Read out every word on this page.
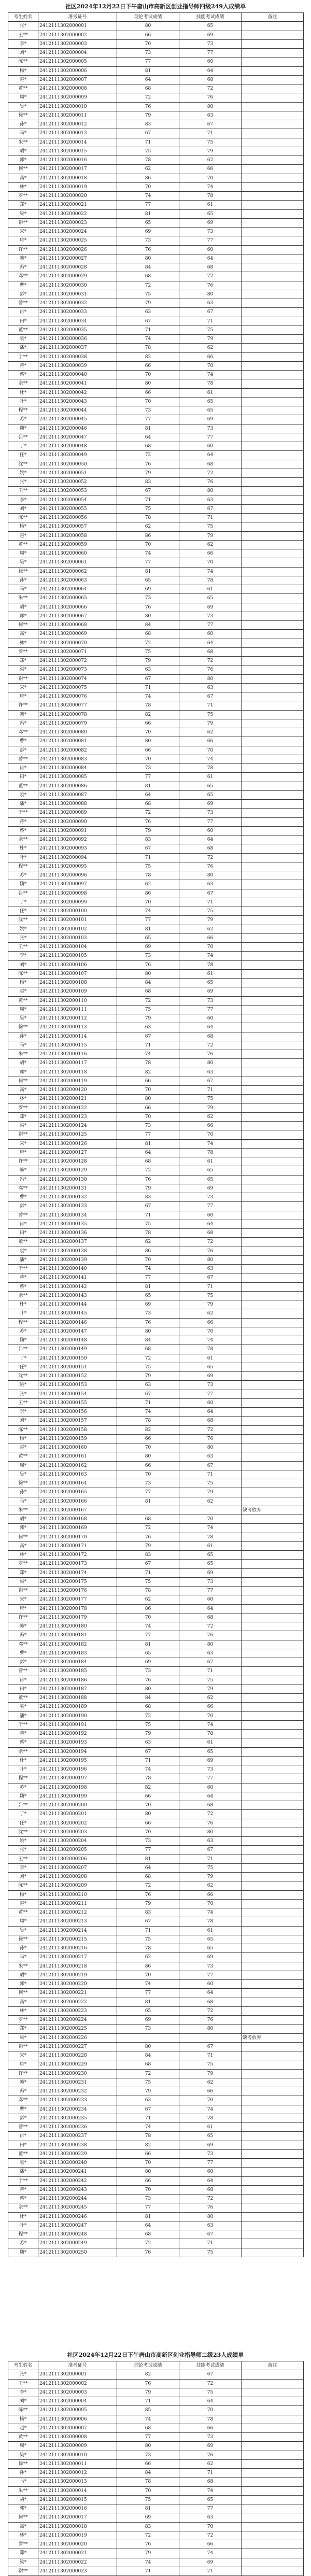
社区2024年12月22日下午唐山市高新区创业指导师四级249人成绩单
考生姓名	准考证号	理论考试成绩	技能考试成绩	备注
张*	2412111302000001	80	65	
王**	2412111302000002	66	69	
李*	2412111302000003	70	73	
刘*	2412111302000004	73	77	
陈**	2412111302000005	77	60	
杨*	2412111302000006	81	64	
赵*	2412111302000007	64	68	
黄**	2412111302000008	68	72	
周*	2412111302000009	72	76	
吴*	2412111302000010	76	80	
徐**	2412111302000011	79	63	
孙*	2412111302000012	83	67	
马*	2412111302000013	67	71	
朱**	2412111302000014	71	75	
胡*	2412111302000015	75	79	
郭*	2412111302000016	78	62	
何**	2412111302000017	62	66	
高*	2412111302000018	86	70	
林*	2412111302000019	70	74	
罗**	2412111302000020	74	78	
郑*	2412111302000021	77	61	
梁*	2412111302000022	81	65	
谢**	2412111302000023	65	69	
宋*	2412111302000024	69	73	
唐*	2412111302000025	73	77	
许**	2412111302000026	76	60	
韩*	2412111302000027	80	64	
冯*	2412111302000028	84	68	
邓**	2412111302000029	68	72	
曹*	2412111302000030	72	76	
彭*	2412111302000031	75	80	
曾**	2412111302000032	79	63	
肖*	2412111302000033	63	67	
田*	2412111302000034	67	71	
董**	2412111302000035	71	75	
袁*	2412111302000036	74	79	
潘*	2412111302000037	78	62	
于**	2412111302000038	82	66	
蒋*	2412111302000039	66	70	
蔡*	2412111302000040	70	74	
余**	2412111302000041	80	78	
杜*	2412111302000042	66	61	
叶*	2412111302000043	70	65	
程**	2412111302000044	73	65	
苏*	2412111302000045	77	69	
魏*	2412111302000046	81	73	
吕**	2412111302000047	64	77	
丁*	2412111302000048	68	60	
任*	2412111302000049	72	64	
沈**	2412111302000050	76	68	
姚*	2412111302000051	79	72	
张*	2412111302000052	83	76	
王**	2412111302000053	67	80	
李*	2412111302000054	71	63	
刘*	2412111302000055	75	67	
陈**	2412111302000056	78	71	
杨*	2412111302000057	62	75	
赵*	2412111302000058	86	79	
黄**	2412111302000059	70	62	
周*	2412111302000060	74	66	
吴*	2412111302000061	77	70	
徐**	2412111302000062	81	74	
孙*	2412111302000063	65	78	
马*	2412111302000064	69	61	
朱**	2412111302000065	73	65	
胡*	2412111302000066	76	69	
郭*	2412111302000067	80	73	
何**	2412111302000068	84	77	
高*	2412111302000069	68	60	
林*	2412111302000070	72	64	
罗**	2412111302000071	75	68	
郑*	2412111302000072	79	72	
梁*	2412111302000073	63	76	
谢**	2412111302000074	67	80	
宋*	2412111302000075	71	63	
唐*	2412111302000076	74	67	
许**	2412111302000077	78	71	
韩*	2412111302000078	82	75	
冯*	2412111302000079	66	79	
邓**	2412111302000080	70	62	
曹*	2412111302000081	80	66	
彭*	2412111302000082	66	70	
曾**	2412111302000083	70	74	
肖*	2412111302000084	73	78	
田*	2412111302000085	77	61	
董**	2412111302000086	81	65	
袁*	2412111302000087	64	65	
潘*	2412111302000088	68	69	
于**	2412111302000089	72	73	
蒋*	2412111302000090	76	77	
蔡*	2412111302000091	79	60	
余**	2412111302000092	83	64	
杜*	2412111302000093	67	68	
叶*	2412111302000094	71	72	
程**	2412111302000095	75	76	
苏*	2412111302000096	78	80	
魏*	2412111302000097	62	63	
吕**	2412111302000098	86	67	
丁*	2412111302000099	70	71	
任*	2412111302000100	74	75	
沈**	2412111302000101	77	79	
姚*	2412111302000102	81	62	
张*	2412111302000103	65	66	
王**	2412111302000104	69	70	
李*	2412111302000105	73	74	
刘*	2412111302000106	76	78	
陈**	2412111302000107	80	61	
杨*	2412111302000108	84	65	
赵*	2412111302000109	68	69	
黄**	2412111302000110	72	73	
周*	2412111302000111	75	77	
吴*	2412111302000112	79	60	
徐**	2412111302000113	63	64	
孙*	2412111302000114	67	68	
马*	2412111302000115	71	72	
朱**	2412111302000116	74	76	
胡*	2412111302000117	78	80	
郭*	2412111302000118	82	63	
何**	2412111302000119	66	67	
高*	2412111302000120	70	71	
林*	2412111302000121	80	75	
罗**	2412111302000122	66	79	
郑*	2412111302000123	70	62	
梁*	2412111302000124	73	66	
谢**	2412111302000125	77	70	
宋*	2412111302000126	81	74	
唐*	2412111302000127	64	78	
许**	2412111302000128	68	61	
韩*	2412111302000129	72	65	
冯*	2412111302000130	76	65	
邓**	2412111302000131	79	69	
曹*	2412111302000132	83	73	
彭*	2412111302000133	67	77	
曾**	2412111302000134	71	60	
肖*	2412111302000135	75	64	
田*	2412111302000136	78	68	
董**	2412111302000137	62	72	
袁*	2412111302000138	86	76	
潘*	2412111302000139	70	80	
于**	2412111302000140	74	63	
蒋*	2412111302000141	77	67	
蔡*	2412111302000142	81	71	
余**	2412111302000143	65	75	
杜*	2412111302000144	69	79	
叶*	2412111302000145	73	62	
程**	2412111302000146	76	66	
苏*	2412111302000147	80	70	
魏*	2412111302000148	84	74	
吕**	2412111302000149	68	78	
丁*	2412111302000150	72	61	
任*	2412111302000151	75	65	
沈**	2412111302000152	79	69	
姚*	2412111302000153	63	73	
张*	2412111302000154	67	77	
王**	2412111302000155	71	60	
李*	2412111302000156	74	64	
刘*	2412111302000157	78	68	
陈**	2412111302000158	82	72	
杨*	2412111302000159	66	76	
赵*	2412111302000160	70	80	
黄**	2412111302000161	80	63	
周*	2412111302000162	66	67	
吴*	2412111302000163	70	71	
徐**	2412111302000164	73	75	
孙*	2412111302000165	77	79	
马*	2412111302000166	81	62	
朱**	2412111302000167			缺考放弃
胡*	2412111302000168	68	70	
郭*	2412111302000169	72	74	
何**	2412111302000170	76	78	
高*	2412111302000171	79	61	
林*	2412111302000172	83	65	
罗**	2412111302000173	67	65	
郑*	2412111302000174	71	69	
梁*	2412111302000175	75	73	
谢**	2412111302000176	78	77	
宋*	2412111302000177	62	60	
唐*	2412111302000178	86	64	
许**	2412111302000179	70	68	
韩*	2412111302000180	74	72	
冯*	2412111302000181	77	76	
邓**	2412111302000182	81	80	
曹*	2412111302000183	65	63	
彭*	2412111302000184	69	67	
曾**	2412111302000185	73	71	
肖*	2412111302000186	76	75	
田*	2412111302000187	80	79	
董**	2412111302000188	84	62	
袁*	2412111302000189	68	66	
潘*	2412111302000190	72	70	
于**	2412111302000191	75	74	
蒋*	2412111302000192	79	78	
蔡*	2412111302000193	63	61	
余**	2412111302000194	67	65	
杜*	2412111302000195	71	69	
叶*	2412111302000196	74	73	
程**	2412111302000197	78	77	
苏*	2412111302000198	82	60	
魏*	2412111302000199	66	64	
吕**	2412111302000200	70	68	
丁*	2412111302000201	80	72	
任*	2412111302000202	66	76	
沈**	2412111302000203	70	80	
姚*	2412111302000204	73	63	
张*	2412111302000205	77	67	
王**	2412111302000206	81	71	
李*	2412111302000207	64	75	
刘*	2412111302000208	68	79	
陈**	2412111302000209	72	62	
杨*	2412111302000210	76	66	
赵*	2412111302000211	79	70	
黄**	2412111302000212	83	74	
周*	2412111302000213	67	78	
吴*	2412111302000214	71	61	
徐**	2412111302000215	75	65	
孙*	2412111302000216	78	65	
马*	2412111302000217	62	69	
朱**	2412111302000218	86	73	
胡*	2412111302000219	70	77	
郭*	2412111302000220	74	60	
何**	2412111302000221	77	64	
高*	2412111302000222	81	68	
林*	2412111302000223	65	72	
罗**	2412111302000224	69	76	
郑*	2412111302000225	73	80	
梁*	2412111302000226			缺考放弃
谢**	2412111302000227	80	67	
宋*	2412111302000228	84	71	
唐*	2412111302000229	68	75	
许**	2412111302000230	72	79	
韩*	2412111302000231	75	62	
冯*	2412111302000232	79	66	
邓**	2412111302000233	63	70	
曹*	2412111302000234	67	74	
彭*	2412111302000235	71	78	
曾**	2412111302000236	74	61	
肖*	2412111302000237	78	65	
田*	2412111302000238	82	69	
董**	2412111302000239	66	73	
袁*	2412111302000240	70	77	
潘*	2412111302000241	80	60	
于**	2412111302000242	66	64	
蒋*	2412111302000243	70	68	
蔡*	2412111302000244	73	72	
余**	2412111302000245	77	76	
杜*	2412111302000246	81	80	
叶*	2412111302000247	64	63	
程**	2412111302000248	68	67	
苏*	2412111302000249	72	71	
魏*	2412111302000250	76	75	
社区2024年12月22日下午唐山市高新区创业指导师二级23人成绩单
考生姓名	准考证号	理论考试成绩	技能考试成绩	备注
张*	2412111302000001	82	67	
王**	2412111302000002	76	72	
李*	2412111302000003	79	75	
刘*	2412111302000004	71	64	
陈**	2412111302000005	85	70	
杨*	2412111302000006	74	78	
赵*	2412111302000007	68	66	
黄**	2412111302000008	77	73	
周*	2412111302000009	80	69	
吴*	2412111302000010	73	76	
徐**	2412111302000011	66	62	
孙*	2412111302000012	84	71	
马*	2412111302000013	78	68	
朱**	2412111302000014	70	74	
胡*	2412111302000015	75	65	
郭*	2412111302000016	81	77	
何**	2412111302000017	69	63	
高*	2412111302000018	83	70	
林*	2412111302000019	72	72	
罗**	2412111302000020	76	66	
郑*	2412111302000021	79	74	
梁*	2412111302000022	74	69	
谢**	2412111302000023	71	71	
